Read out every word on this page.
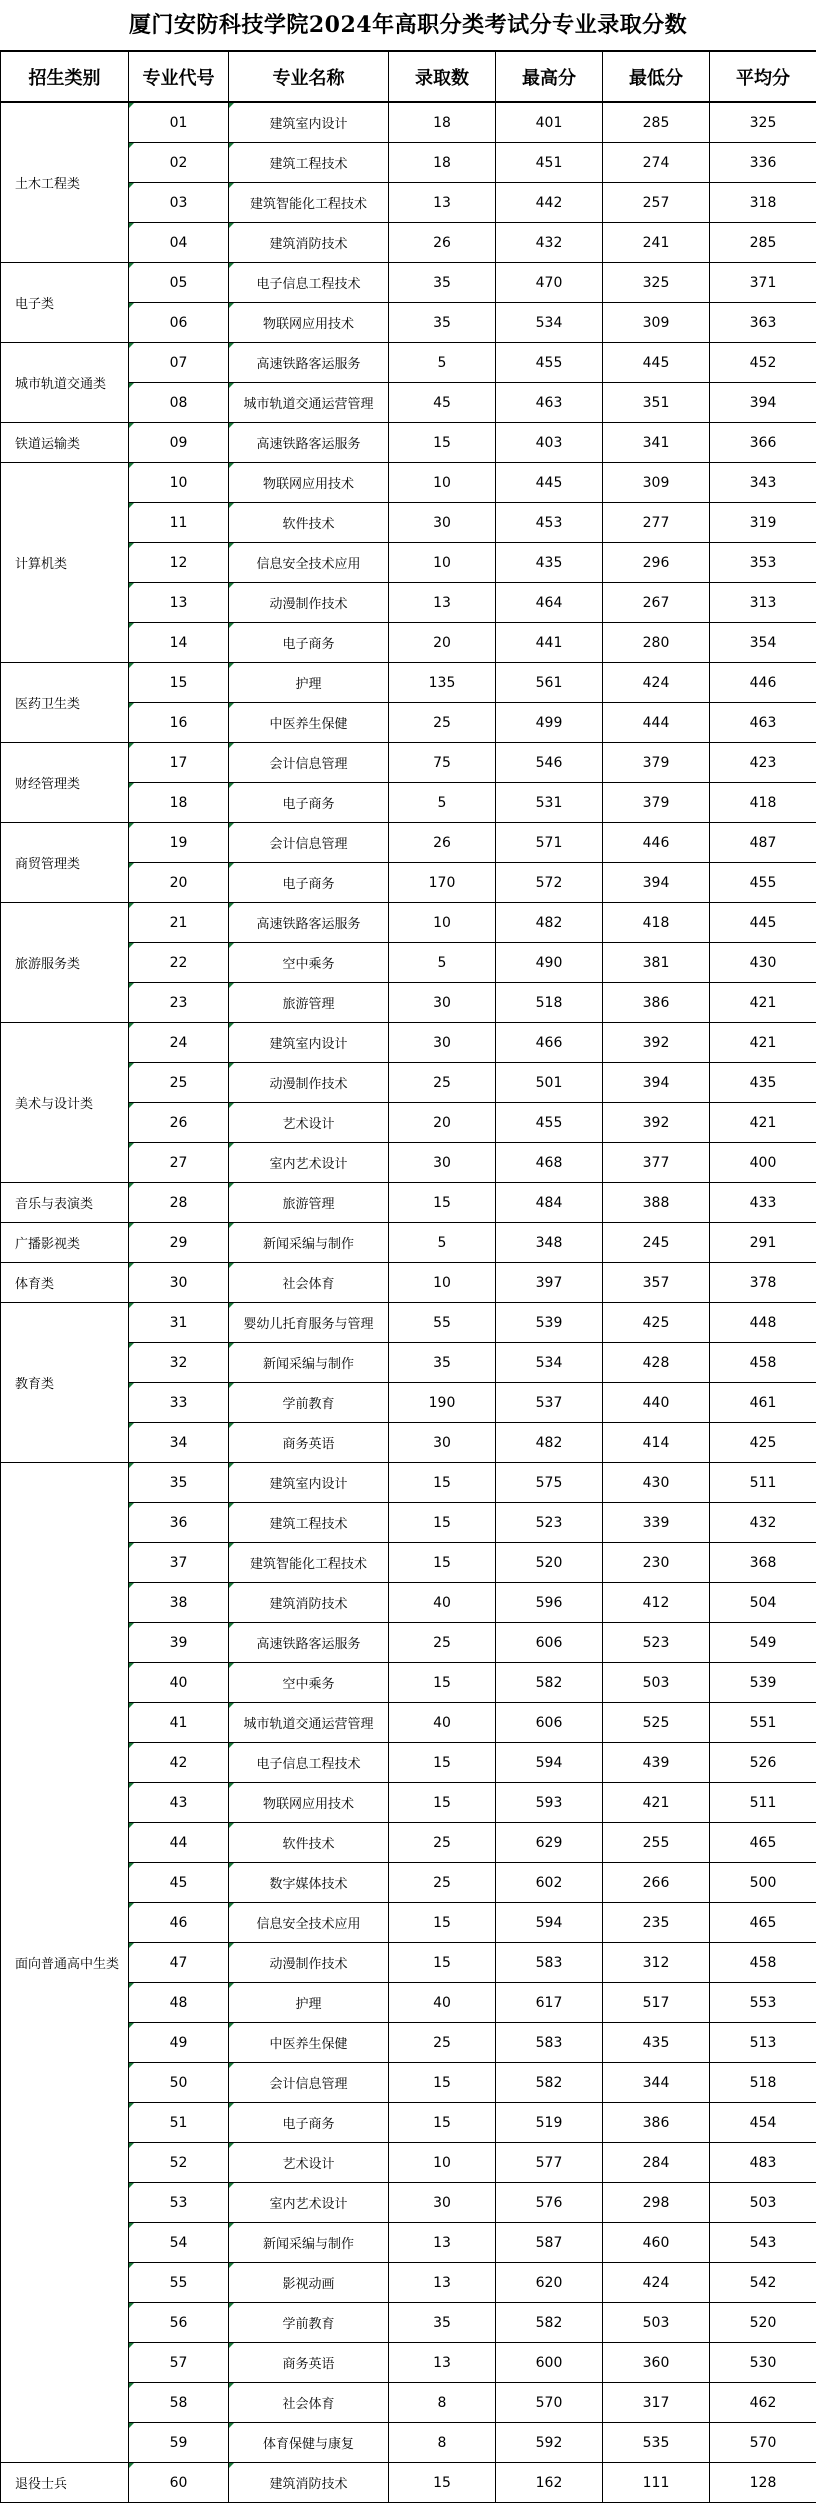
厦门安防科技学院2024年高职分类考试分专业录取分数
招生类别	专业代号	专业名称	录取数	最高分	最低分	平均分
土木工程类	01	建筑室内设计	18	401	285	325
	02	建筑工程技术	18	451	274	336
	03	建筑智能化工程技术	13	442	257	318
	04	建筑消防技术	26	432	241	285
电子类	05	电子信息工程技术	35	470	325	371
	06	物联网应用技术	35	534	309	363
城市轨道交通类	07	高速铁路客运服务	5	455	445	452
	08	城市轨道交通运营管理	45	463	351	394
铁道运输类	09	高速铁路客运服务	15	403	341	366
计算机类	10	物联网应用技术	10	445	309	343
	11	软件技术	30	453	277	319
	12	信息安全技术应用	10	435	296	353
	13	动漫制作技术	13	464	267	313
	14	电子商务	20	441	280	354
医药卫生类	15	护理	135	561	424	446
	16	中医养生保健	25	499	444	463
财经管理类	17	会计信息管理	75	546	379	423
	18	电子商务	5	531	379	418
商贸管理类	19	会计信息管理	26	571	446	487
	20	电子商务	170	572	394	455
旅游服务类	21	高速铁路客运服务	10	482	418	445
	22	空中乘务	5	490	381	430
	23	旅游管理	30	518	386	421
美术与设计类	24	建筑室内设计	30	466	392	421
	25	动漫制作技术	25	501	394	435
	26	艺术设计	20	455	392	421
	27	室内艺术设计	30	468	377	400
音乐与表演类	28	旅游管理	15	484	388	433
广播影视类	29	新闻采编与制作	5	348	245	291
体育类	30	社会体育	10	397	357	378
教育类	31	婴幼儿托育服务与管理	55	539	425	448
	32	新闻采编与制作	35	534	428	458
	33	学前教育	190	537	440	461
	34	商务英语	30	482	414	425
面向普通高中生类	35	建筑室内设计	15	575	430	511
	36	建筑工程技术	15	523	339	432
	37	建筑智能化工程技术	15	520	230	368
	38	建筑消防技术	40	596	412	504
	39	高速铁路客运服务	25	606	523	549
	40	空中乘务	15	582	503	539
	41	城市轨道交通运营管理	40	606	525	551
	42	电子信息工程技术	15	594	439	526
	43	物联网应用技术	15	593	421	511
	44	软件技术	25	629	255	465
	45	数字媒体技术	25	602	266	500
	46	信息安全技术应用	15	594	235	465
	47	动漫制作技术	15	583	312	458
	48	护理	40	617	517	553
	49	中医养生保健	25	583	435	513
	50	会计信息管理	15	582	344	518
	51	电子商务	15	519	386	454
	52	艺术设计	10	577	284	483
	53	室内艺术设计	30	576	298	503
	54	新闻采编与制作	13	587	460	543
	55	影视动画	13	620	424	542
	56	学前教育	35	582	503	520
	57	商务英语	13	600	360	530
	58	社会体育	8	570	317	462
	59	体育保健与康复	8	592	535	570
退役士兵	60	建筑消防技术	15	162	111	128
